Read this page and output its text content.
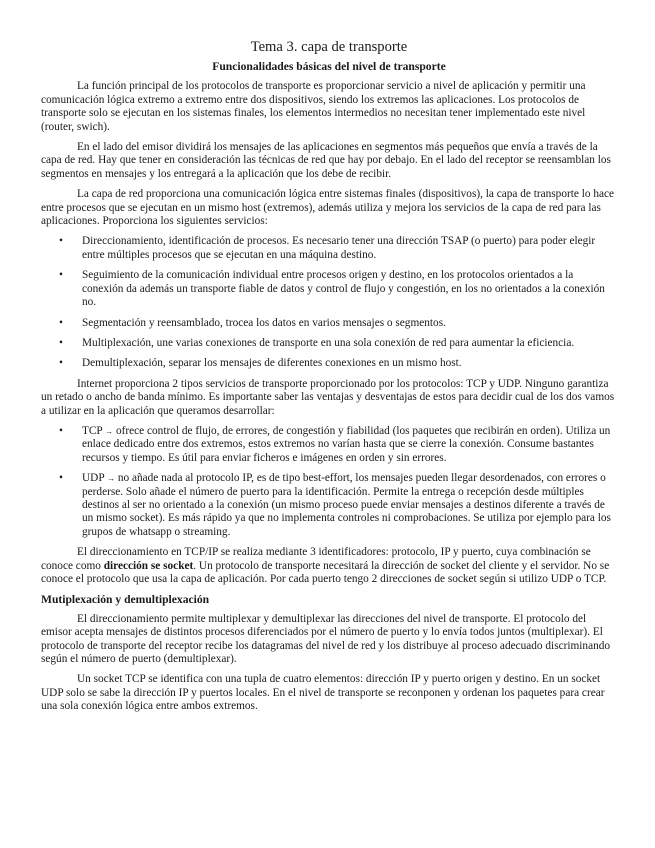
Tema 3. capa de transporte
Funcionalidades básicas del nivel de transporte

La función principal de los protocolos de transporte es proporcionar servicio a nivel de aplicación y permitir una comunicación lógica extremo a extremo entre dos dispositivos, siendo los extremos las aplicaciones. Los protocolos de transporte solo se ejecutan en los sistemas finales, los elementos intermedios no necesitan tener implementado este nivel (router, swich).

En el lado del emisor dividirá los mensajes de las aplicaciones en segmentos más pequeños que envía a través de la capa de red. Hay que tener en consideración las técnicas de red que hay por debajo. En el lado del receptor se reensamblan los segmentos en mensajes y los entregará a la aplicación que los debe de recibir.

La capa de red proporciona una comunicación lógica entre sistemas finales (dispositivos), la capa de transporte lo hace entre procesos que se ejecutan en un mismo host (extremos), además utiliza y mejora los servicios de la capa de red para las aplicaciones. Proporciona los siguientes servicios:

• Direccionamiento, identificación de procesos. Es necesario tener una dirección TSAP (o puerto) para poder elegir entre múltiples procesos que se ejecutan en una máquina destino.
• Seguimiento de la comunicación individual entre procesos origen y destino, en los protocolos orientados a la conexión da además un transporte fiable de datos y control de flujo y congestión, en los no orientados a la conexión no.
• Segmentación y reensamblado, trocea los datos en varios mensajes o segmentos.
• Multiplexación, une varias conexiones de transporte en una sola conexión de red para aumentar la eficiencia.
• Demultiplexación, separar los mensajes de diferentes conexiones en un mismo host.

Internet proporciona 2 tipos servicios de transporte proporcionado por los protocolos: TCP y UDP. Ninguno garantiza un retado o ancho de banda mínimo. Es importante saber las ventajas y desventajas de estos para decidir cual de los dos vamos a utilizar en la aplicación que queramos desarrollar:

• TCP → ofrece control de flujo, de errores, de congestión y fiabilidad (los paquetes que recibirán en orden). Utiliza un enlace dedicado entre dos extremos, estos extremos no varían hasta que se cierre la conexión. Consume bastantes recursos y tiempo. Es útil para enviar ficheros e imágenes en orden y sin errores.
• UDP → no añade nada al protocolo IP, es de tipo best-effort, los mensajes pueden llegar desordenados, con errores o perderse. Solo añade el número de puerto para la identificación. Permite la entrega o recepción desde múltiples destinos al ser no orientado a la conexión (un mismo proceso puede enviar mensajes a destinos diferente a través de un mismo socket). Es más rápido ya que no implementa controles ni comprobaciones. Se utiliza por ejemplo para los grupos de whatsapp o streaming.

El direccionamiento en TCP/IP se realiza mediante 3 identificadores: protocolo, IP y puerto, cuya combinación se conoce como dirección se socket. Un protocolo de transporte necesitará la dirección de socket del cliente y el servidor. No se conoce el protocolo que usa la capa de aplicación. Por cada puerto tengo 2 direcciones de socket según si utilizo UDP o TCP.

Mutiplexación y demultiplexación

El direccionamiento permite multiplexar y demultiplexar las direcciones del nivel de transporte. El protocolo del emisor acepta mensajes de distintos procesos diferenciados por el número de puerto y lo envía todos juntos (multiplexar). El protocolo de transporte del receptor recibe los datagramas del nivel de red y los distribuye al proceso adecuado discriminando según el número de puerto (demultiplexar).

Un socket TCP se identifica con una tupla de cuatro elementos: dirección IP y puerto origen y destino. En un socket UDP solo se sabe la dirección IP y puertos locales. En el nivel de transporte se reconponen y ordenan los paquetes para crear una sola conexión lógica entre ambos extremos.
